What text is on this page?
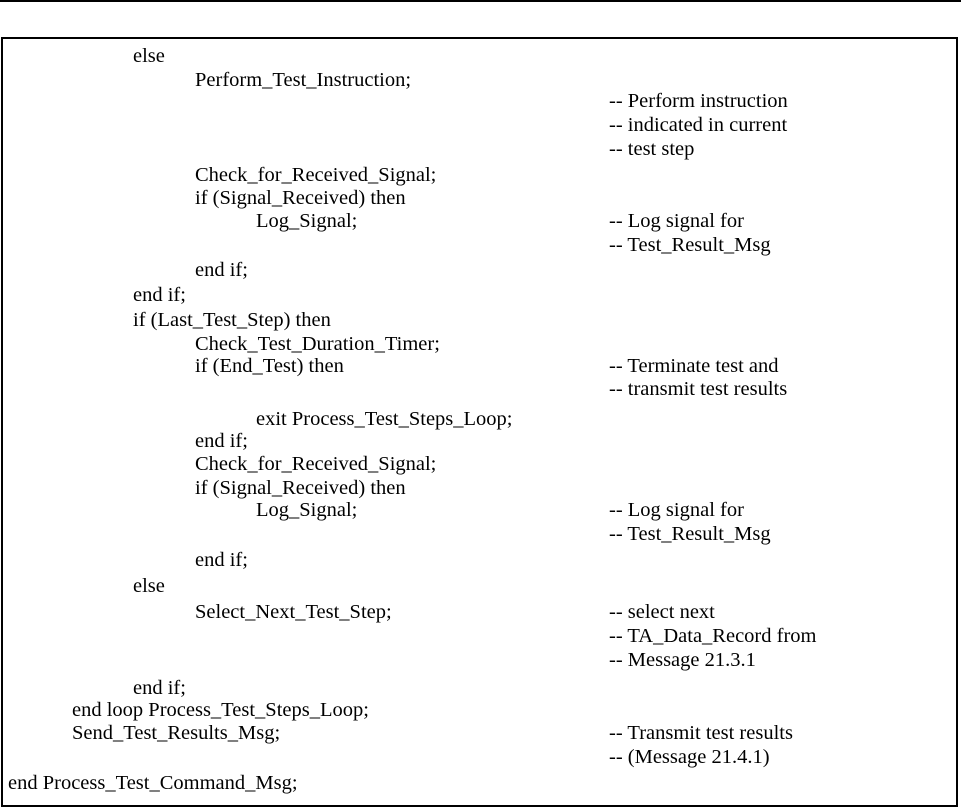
else
Perform_Test_Instruction;
-- Perform instruction
-- indicated in current
-- test step
Check_for_Received_Signal;
if (Signal_Received) then
Log_Signal;	-- Log signal for
-- Test_Result_Msg
end if;
end if;
if (Last_Test_Step) then
Check_Test_Duration_Timer;
if (End_Test) then	-- Terminate test and
-- transmit test results
exit Process_Test_Steps_Loop;
end if;
Check_for_Received_Signal;
if (Signal_Received) then
Log_Signal;	-- Log signal for
-- Test_Result_Msg
end if;
else
Select_Next_Test_Step;	-- select next
-- TA_Data_Record from
-- Message 21.3.1
end if;
end loop Process_Test_Steps_Loop;
Send_Test_Results_Msg;	-- Transmit test results
-- (Message 21.4.1)
end Process_Test_Command_Msg;
